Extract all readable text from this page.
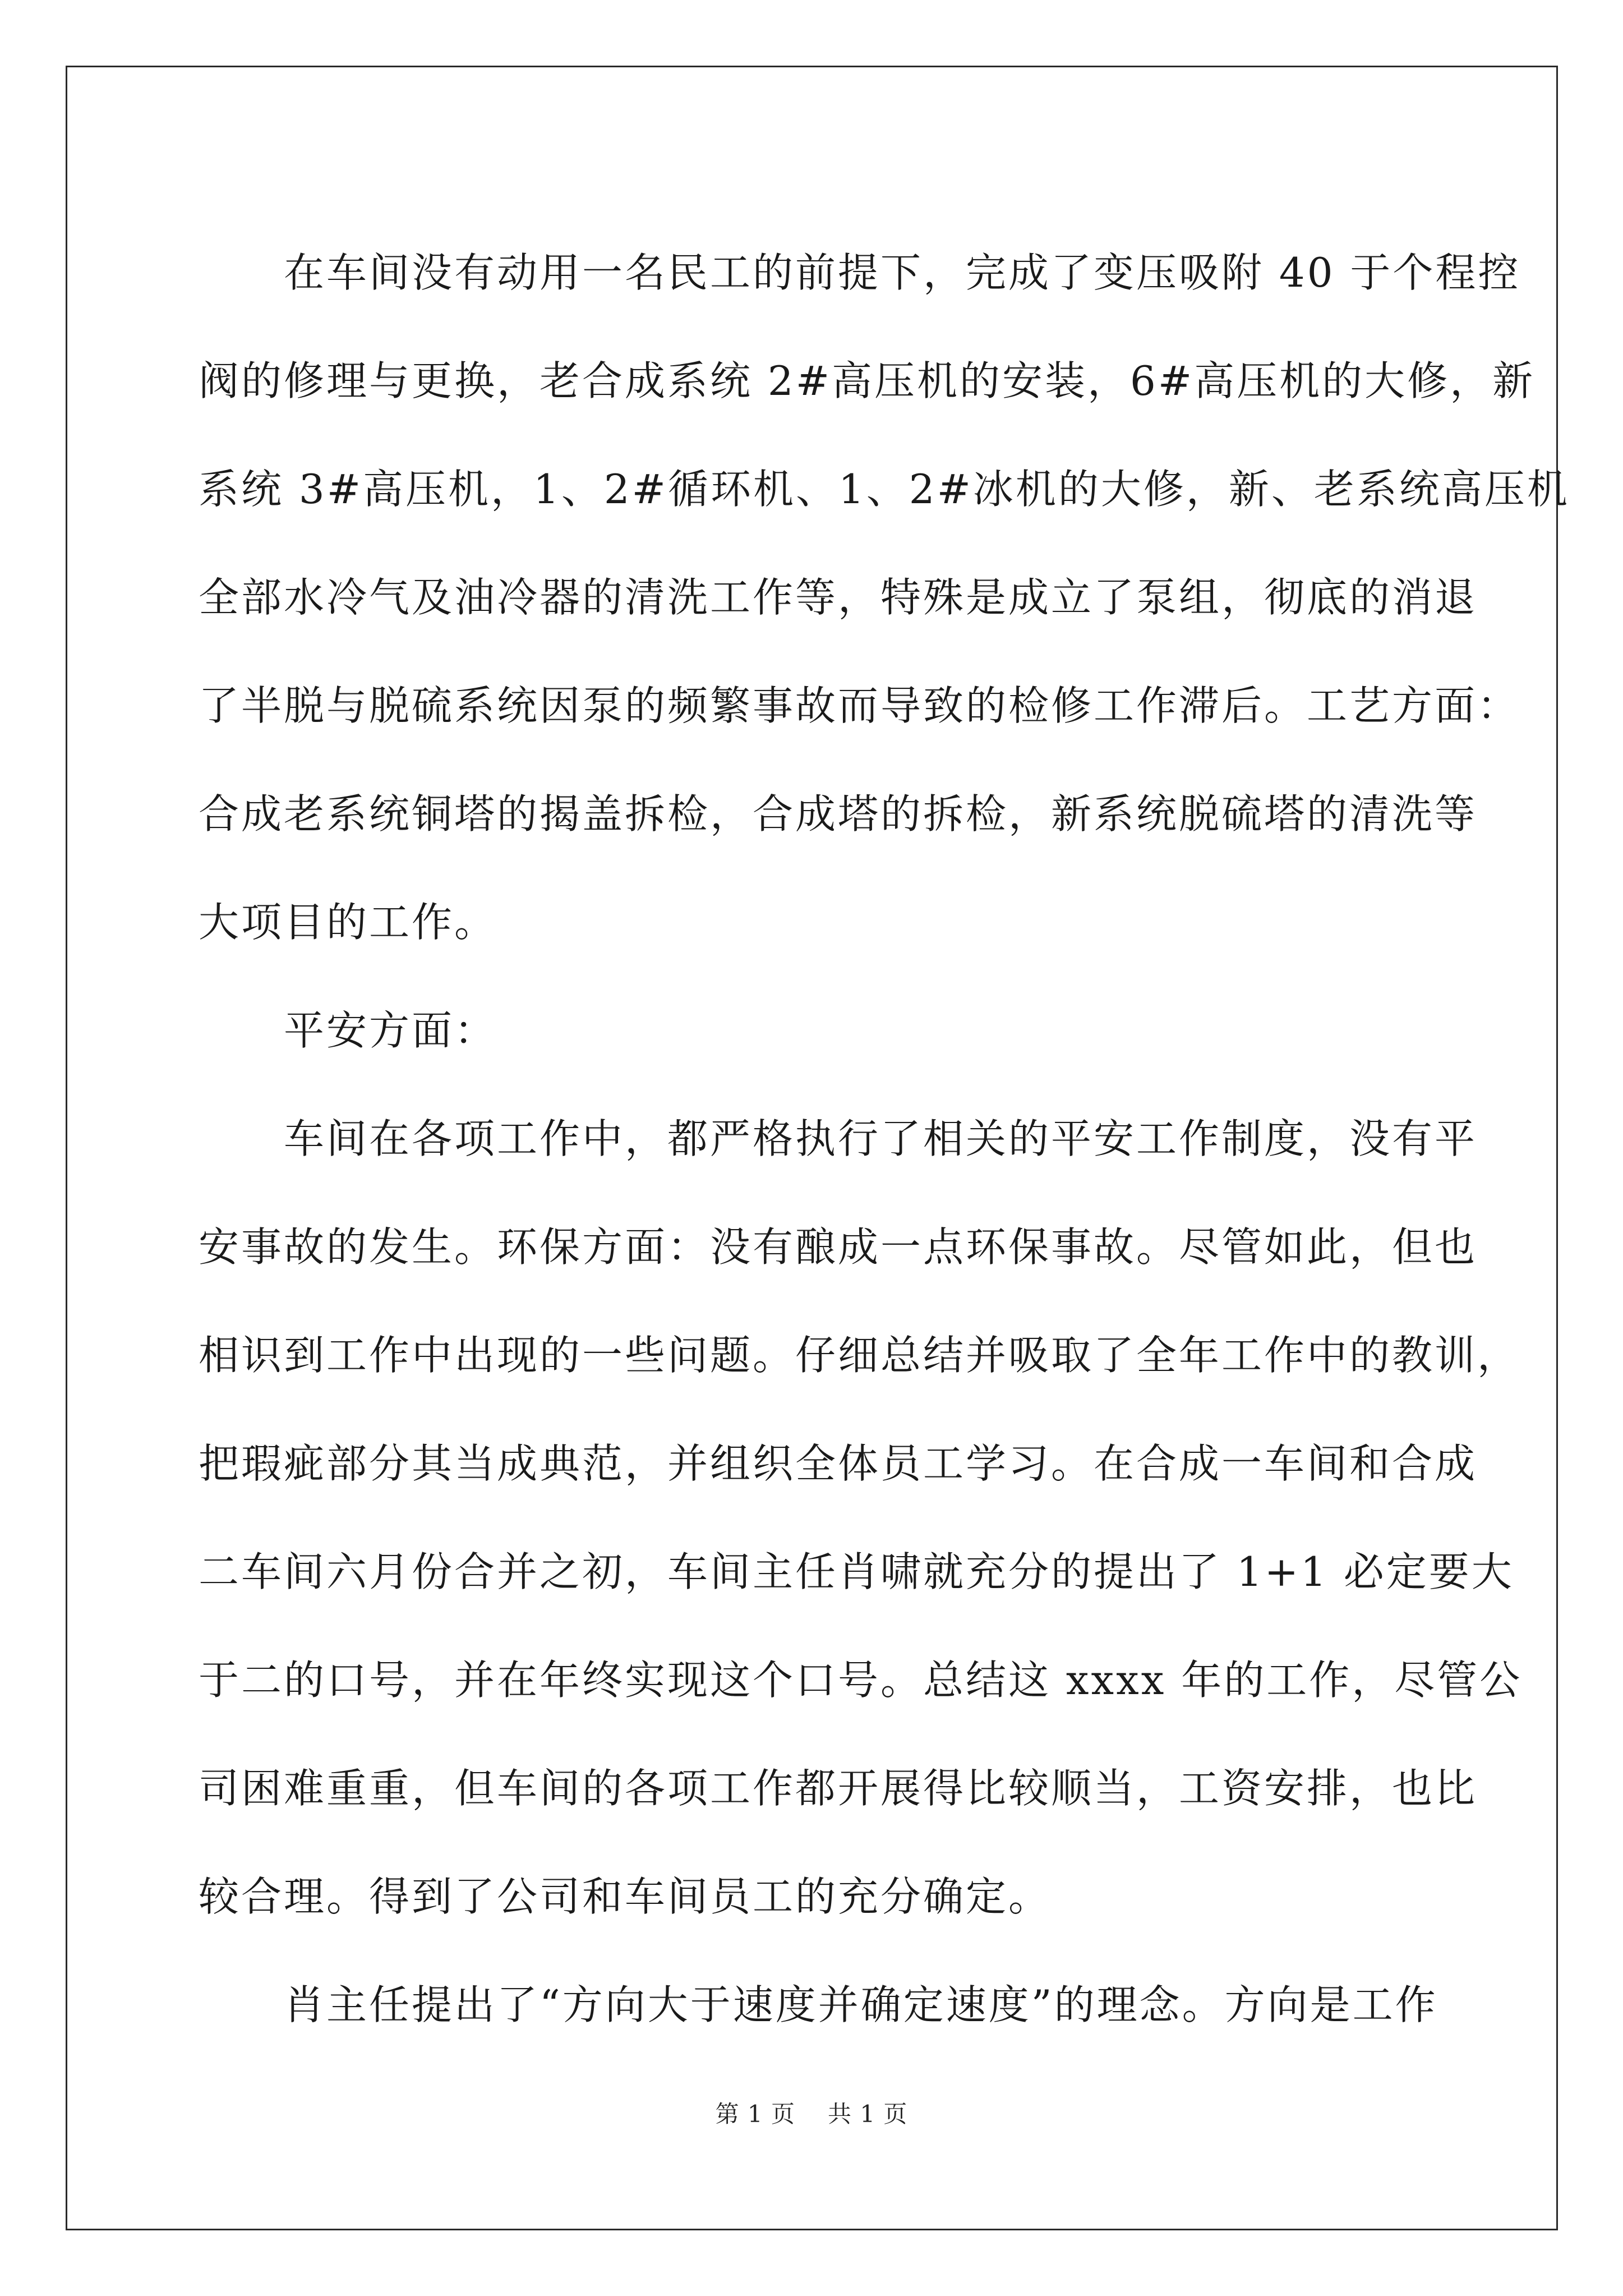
在车间没有动用一名民工的前提下，完成了变压吸附 40 于个程控
阀的修理与更换，老合成系统 2#高压机的安装，6#高压机的大修，新
系统 3#高压机，1、2#循环机、1、2#冰机的大修，新、老系统高压机
全部水冷气及油冷器的清洗工作等，特殊是成立了泵组，彻底的消退
了半脱与脱硫系统因泵的频繁事故而导致的检修工作滞后。工艺方面：
合成老系统铜塔的揭盖拆检，合成塔的拆检，新系统脱硫塔的清洗等
大项目的工作。

平安方面：

车间在各项工作中，都严格执行了相关的平安工作制度，没有平
安事故的发生。环保方面：没有酿成一点环保事故。尽管如此，但也
相识到工作中出现的一些问题。仔细总结并吸取了全年工作中的教训，
把瑕疵部分其当成典范，并组织全体员工学习。在合成一车间和合成
二车间六月份合并之初，车间主任肖啸就充分的提出了 1+1 必定要大
于二的口号，并在年终实现这个口号。总结这 xxxx 年的工作，尽管公
司困难重重，但车间的各项工作都开展得比较顺当，工资安排，也比
较合理。得到了公司和车间员工的充分确定。

肖主任提出了“方向大于速度并确定速度”的理念。方向是工作

第 1 页 共 1 页
